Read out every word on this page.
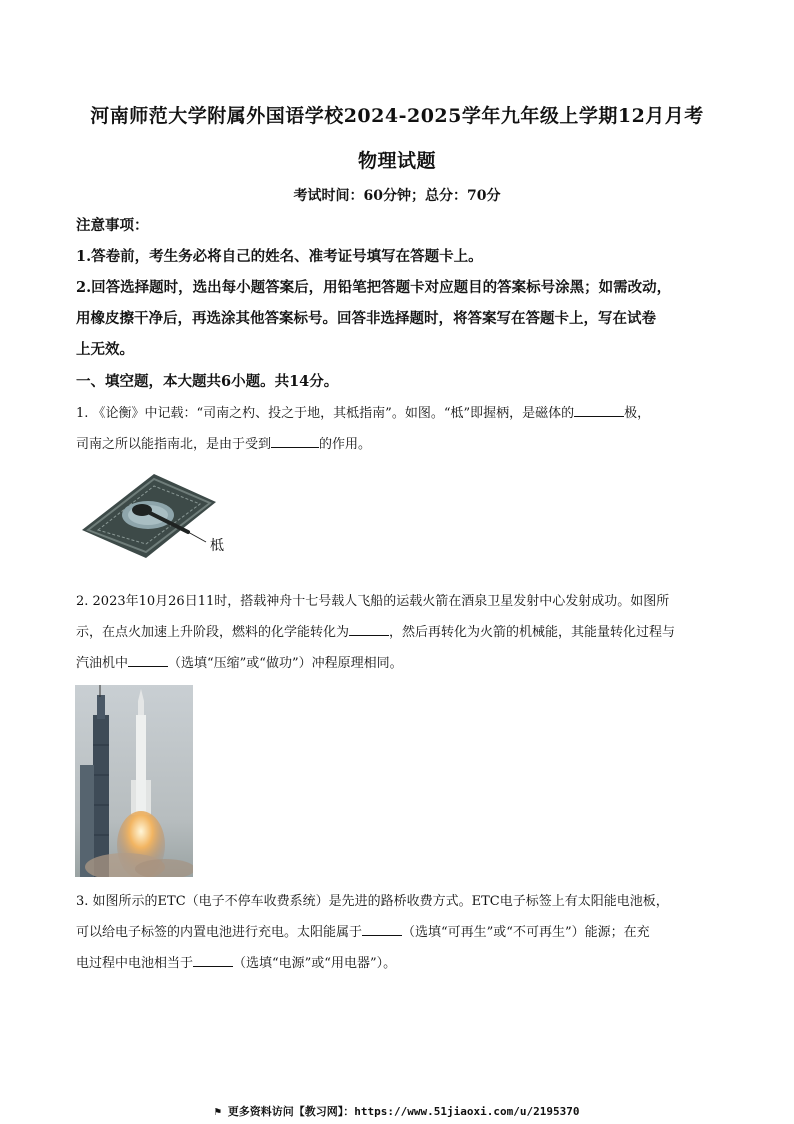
河南师范大学附属外国语学校2024-2025学年九年级上学期12月月考
物理试题
考试时间：60分钟；总分：70分
注意事项：
1.答卷前，考生务必将自己的姓名、准考证号填写在答题卡上。
2.回答选择题时，选出每小题答案后，用铅笔把答题卡对应题目的答案标号涂黑；如需改动，
用橡皮擦干净后，再选涂其他答案标号。回答非选择题时，将答案写在答题卡上，写在试卷
上无效。
一、填空题，本大题共6小题。共14分。
1. 《论衡》中记载：“司南之杓、投之于地，其柢指南”。如图。“柢”即握柄，是磁体的	极，
司南之所以能指南北，是由于受到	的作用。
柢
2. 2023年10月26日11时，搭载神舟十七号载人飞船的运载火箭在酒泉卫星发射中心发射成功。如图所
示，在点火加速上升阶段，燃料的化学能转化为	，然后再转化为火箭的机械能，其能量转化过程与
汽油机中	（选填“压缩”或“做功”）冲程原理相同。
3. 如图所示的ETC（电子不停车收费系统）是先进的路桥收费方式。ETC电子标签上有太阳能电池板，
可以给电子标签的内置电池进行充电。太阳能属于	（选填“可再生”或“不可再生”）能源；在充
电过程中电池相当于	（选填“电源”或“用电器”）。
⚑ 更多资料访问【教习网】：https://www.51jiaoxi.com/u/2195370
